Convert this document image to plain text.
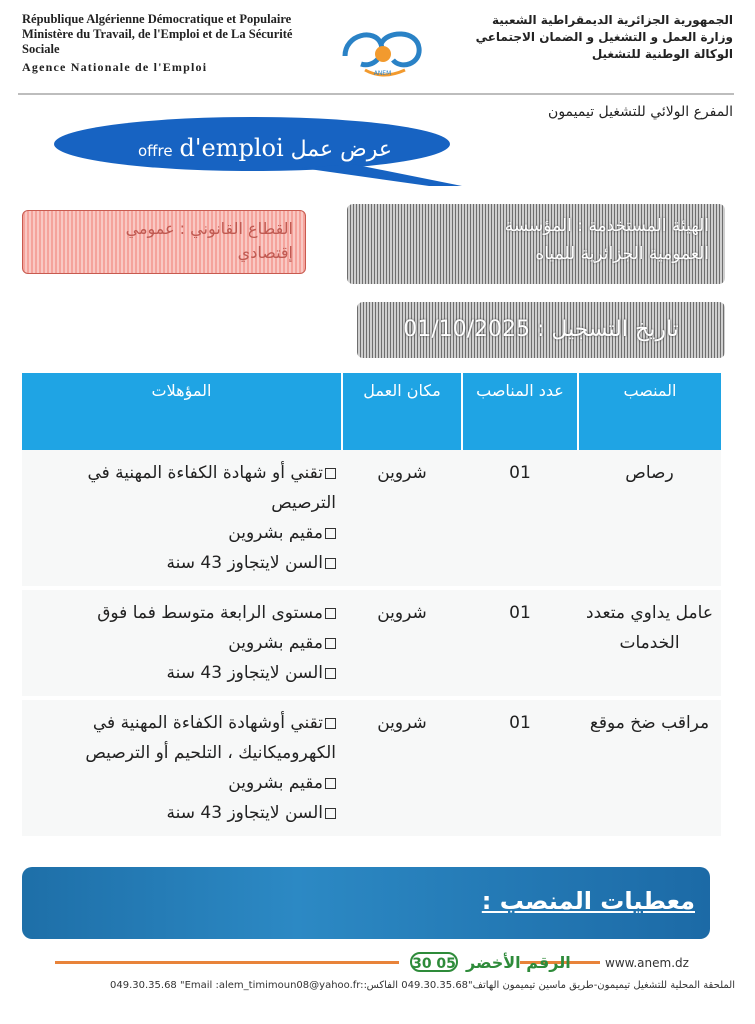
République Algérienne Démocratique et Populaire
Ministère du Travail, de l'Emploi et de La Sécurité Sociale
Agence Nationale de l'Emploi	ANEM
الجمهورية الجزائرية الديمقراطية الشعبية
وزارة العمل و التشغيل و الضمان الاجتماعي
الوكالة الوطنية للتشغيل
المفرع الولائي للتشغيل تيميمون
offre d'emploi عرض عمل
القطاع القانوني : عمومي
إقتصادي
الهيئة المستخدمة : المؤسسة
العمومية الجزائرية للمياه
تاريخ التسجيل : 01/10/2025
المنصب	عدد المناصب	مكان العمل	المؤهلات
رصاص	01	شروين	تقني أو شهادة الكفاءة المهنية في الترصيص
مقيم بشروين
السن لايتجاوز 43 سنة

عامل يداوي متعدد الخدمات	01	شروين	مستوى الرابعة متوسط فما فوق
مقيم بشروين
السن لايتجاوز 43 سنة

مراقب ضخ موقع	01	شروين	تقني أوشهادة الكفاءة المهنية في الكهروميكانيك ، التلحيم أو الترصيص
مقيم بشروين
السن لايتجاوز 43 سنة
معطيات المنصب :
30 05 الرقم الأخضر	www.anem.dz
الملحقة المحلية للتشغيل تيميمون-طريق ماسين تيميمون الهاتف"049.30.35.68 الفاكس :
049.30.35.68 "Email :alem_timimoun08@yahoo.fr :
